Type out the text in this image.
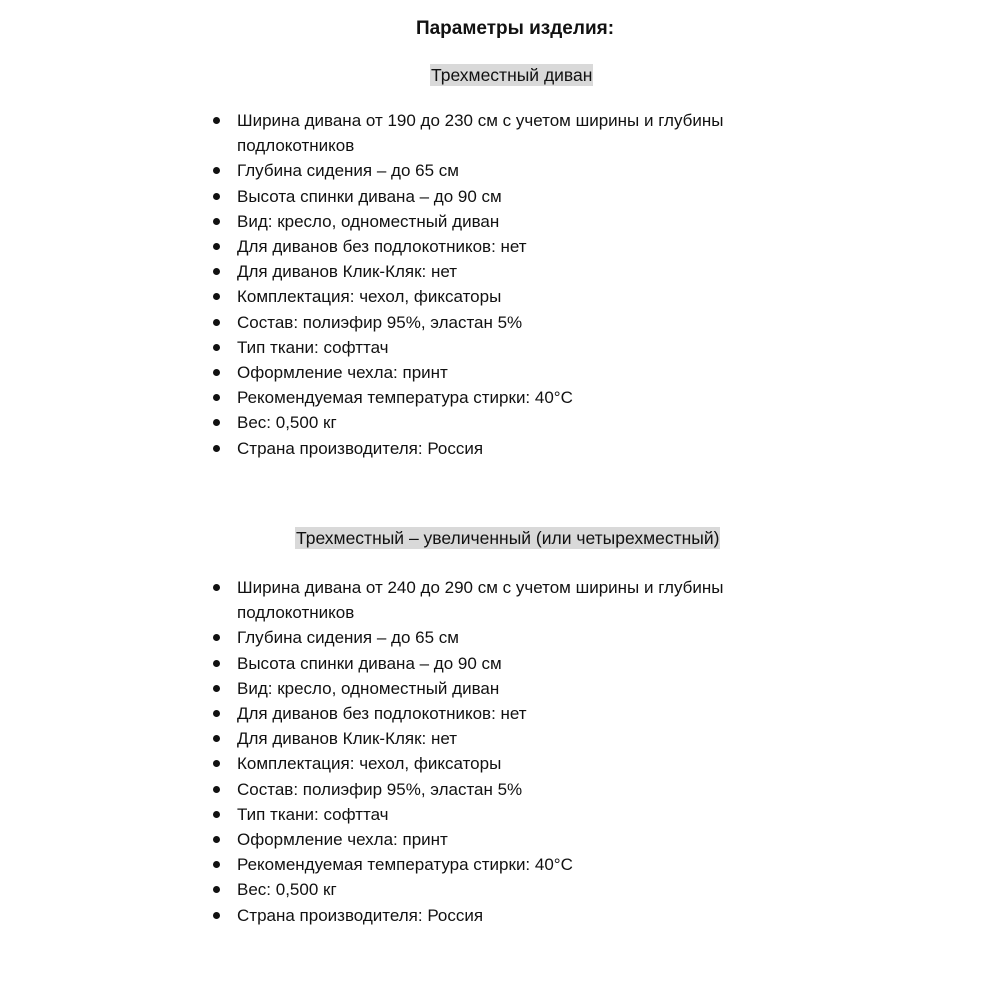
Параметры изделия:
Трехместный диван
Ширина дивана от 190 до 230 см с учетом ширины и глубины подлокотников
Глубина сидения – до 65 см
Высота спинки дивана – до 90 см
Вид: кресло, одноместный диван
Для диванов без подлокотников: нет
Для диванов Клик-Кляк: нет
Комплектация: чехол, фиксаторы
Состав: полиэфир 95%, эластан 5%
Тип ткани: софттач
Оформление чехла: принт
Рекомендуемая температура стирки: 40°C
Вес: 0,500 кг
Страна производителя: Россия
Трехместный – увеличенный (или четырехместный)
Ширина дивана от 240 до 290 см с учетом ширины и глубины подлокотников
Глубина сидения – до 65 см
Высота спинки дивана – до 90 см
Вид: кресло, одноместный диван
Для диванов без подлокотников: нет
Для диванов Клик-Кляк: нет
Комплектация: чехол, фиксаторы
Состав: полиэфир 95%, эластан 5%
Тип ткани: софттач
Оформление чехла: принт
Рекомендуемая температура стирки: 40°C
Вес: 0,500 кг
Страна производителя: Россия
